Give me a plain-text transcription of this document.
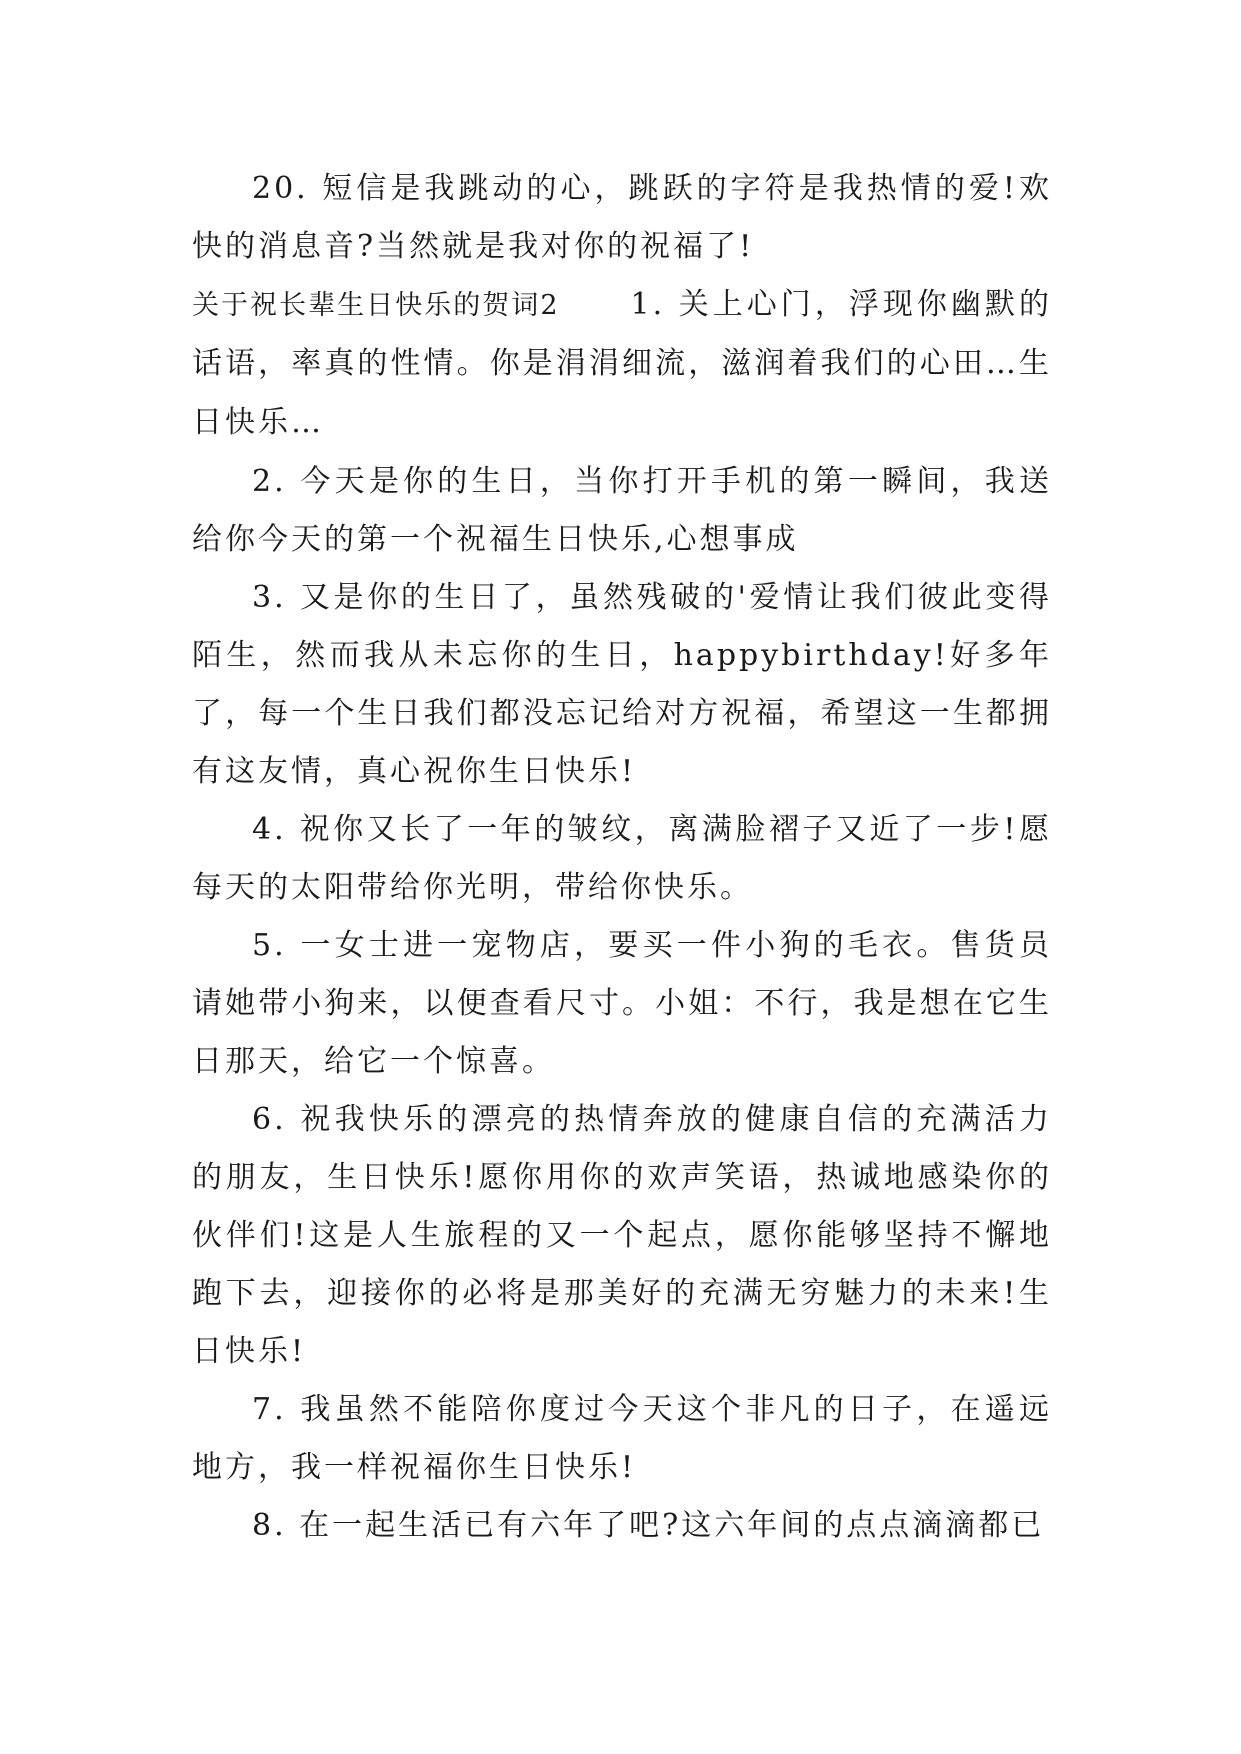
20. 短信是我跳动的心，跳跃的字符是我热情的爱!欢快的消息音?当然就是我对你的祝福了!

关于祝长辈生日快乐的贺词2 1. 关上心门，浮现你幽默的话语，率真的性情。你是涓涓细流，滋润着我们的心田…生日快乐…

2. 今天是你的生日，当你打开手机的第一瞬间，我送给你今天的第一个祝福生日快乐,心想事成

3. 又是你的生日了，虽然残破的'爱情让我们彼此变得陌生，然而我从未忘你的生日，happybirthday!好多年了，每一个生日我们都没忘记给对方祝福，希望这一生都拥有这友情，真心祝你生日快乐!

4. 祝你又长了一年的皱纹，离满脸褶子又近了一步!愿每天的太阳带给你光明，带给你快乐。

5. 一女士进一宠物店，要买一件小狗的毛衣。售货员请她带小狗来，以便查看尺寸。小姐：不行，我是想在它生日那天，给它一个惊喜。

6. 祝我快乐的漂亮的热情奔放的健康自信的充满活力的朋友，生日快乐!愿你用你的欢声笑语，热诚地感染你的伙伴们!这是人生旅程的又一个起点，愿你能够坚持不懈地跑下去，迎接你的必将是那美好的充满无穷魅力的未来!生日快乐!

7. 我虽然不能陪你度过今天这个非凡的日子，在遥远地方，我一样祝福你生日快乐!

8. 在一起生活已有六年了吧?这六年间的点点滴滴都已
